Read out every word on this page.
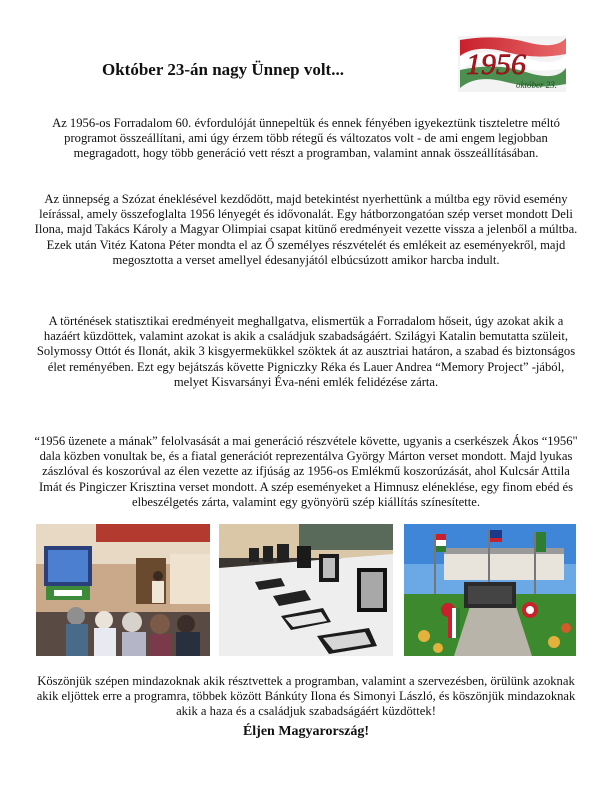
Október 23-án nagy Ünnep volt...	1956
október 23.

Az 1956-os Forradalom 60. évfordulóját ünnepeltük és ennek fényében igyekeztünk tiszteletre méltó programot összeállítani, ami úgy érzem több rétegű és változatos volt - de ami engem legjobban megragadott, hogy több generáció vett részt a programban, valamint annak összeállításában.

Az ünnepség a Szózat éneklésével kezdődött, majd betekintést nyerhettünk a múltba egy rövid esemény leírással, amely összefoglalta 1956 lényegét és idővonalát. Egy hátborzongatóan szép verset mondott Deli Ilona, majd Takács Károly a Magyar Olimpiai csapat kitünő eredményeit vezette vissza a jelenből a múltba. Ezek után Vitéz Katona Péter mondta el az Ő személyes részvételét és emlékeit az eseményekről, majd megosztotta a verset amellyel édesanyjától elbúcsúzott amikor harcba indult.

A történések statisztikai eredményeit meghallgatva, elismertük a Forradalom hőseit, úgy azokat akik a hazáért küzdöttek, valamint azokat is akik a családjuk szabadságáért. Szilágyi Katalin bemutatta szüleit, Solymossy Ottót és Ilonát, akik 3 kisgyermekükkel szöktek át az ausztriai határon, a szabad és biztonságos élet reményében. Ezt egy bejátszás követte Pigniczky Réka és Lauer Andrea “Memory Project” -jából, melyet Kisvarsányi Éva-néni emlék felidézése zárta.

“1956 üzenete a mának” felolvasását a mai generáció részvétele követte, ugyanis a cserkészek Ákos “1956" dala közben vonultak be, és a fiatal generációt reprezentálva György Márton verset mondott. Majd lyukas zászlóval és koszorúval az élen vezette az ifjúság az 1956-os Emlékmű koszorúzását, ahol Kulcsár Attila Imát és Pingiczer Krisztina verset mondott. A szép eseményeket a Himnusz eléneklése, egy finom ebéd és elbeszélgetés zárta, valamint egy gyönyörü szép kiállítás színesítette.

Köszönjük szépen mindazoknak akik résztvettek a programban, valamint a szervezésben, örülünk azoknak akik eljöttek erre a programra, többek között Bánkúty Ilona és Simonyi László, és köszönjük mindazoknak akik a haza és a családjuk szabadságáért küzdöttek!

Éljen Magyarország!
